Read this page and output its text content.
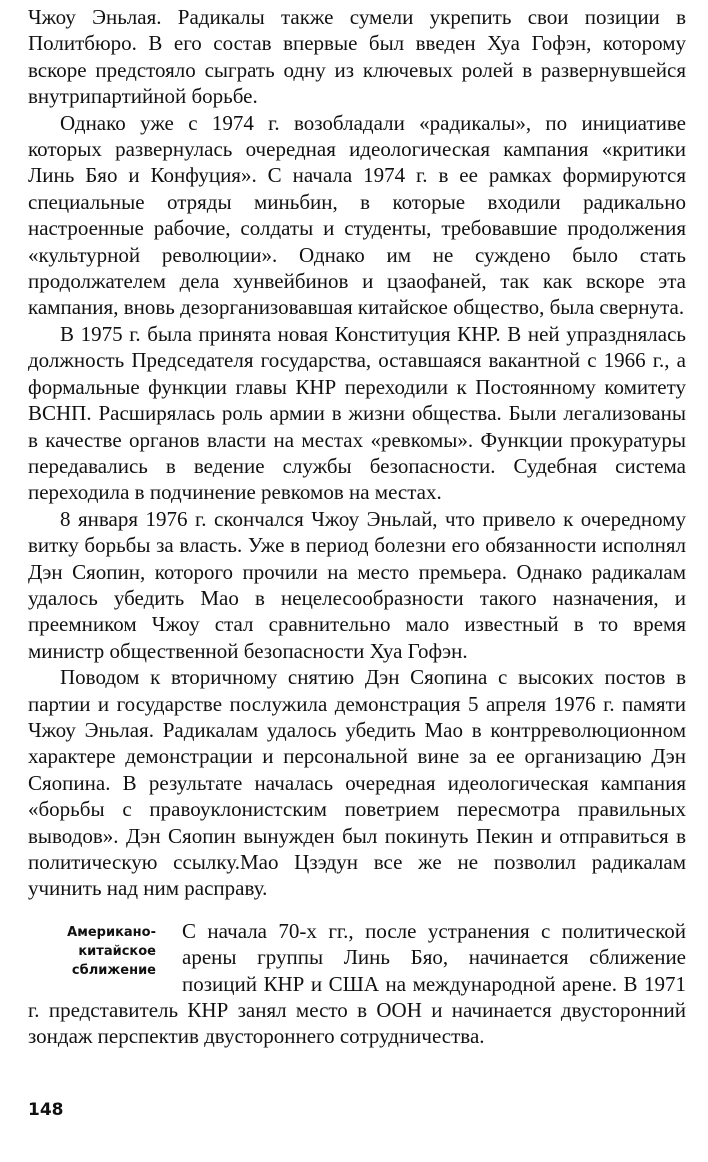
Чжоу Эньлая. Радикалы также сумели укрепить свои позиции в Политбюро. В его состав впервые был введен Хуа Гофэн, которому вскоре предстояло сыграть одну из ключевых ролей в развернувшейся внутрипартийной борьбе.

Однако уже с 1974 г. возобладали «радикалы», по инициативе которых развернулась очередная идеологическая кампания «критики Линь Бяо и Конфуция». С начала 1974 г. в ее рамках формируются специальные отряды миньбин, в которые входили радикально настроенные рабочие, солдаты и студенты, требовавшие продолжения «культурной революции». Однако им не суждено было стать продолжателем дела хунвейбинов и цзаофаней, так как вскоре эта кампания, вновь дезорганизовавшая китайское общество, была свернута.

В 1975 г. была принята новая Конституция КНР. В ней упразднялась должность Председателя государства, оставшаяся вакантной с 1966 г., а формальные функции главы КНР переходили к Постоянному комитету ВСНП. Расширялась роль армии в жизни общества. Были легализованы в качестве органов власти на местах «ревкомы». Функции прокуратуры передавались в ведение службы безопасности. Судебная система переходила в подчинение ревкомов на местах.

8 января 1976 г. скончался Чжоу Эньлай, что привело к очередному витку борьбы за власть. Уже в период болезни его обязанности исполнял Дэн Сяопин, которого прочили на место премьера. Однако радикалам удалось убедить Мао в нецелесообразности такого назначения, и преемником Чжоу стал сравнительно мало известный в то время министр общественной безопасности Хуа Гофэн.

Поводом к вторичному снятию Дэн Сяопина с высоких постов в партии и государстве послужила демонстрация 5 апреля 1976 г. памяти Чжоу Эньлая. Радикалам удалось убедить Мао в контрреволюционном характере демонстрации и персональной вине за ее организацию Дэн Сяопина. В результате началась очередная идеологическая кампания «борьбы с правоуклонистским поветрием пересмотра правильных выводов». Дэн Сяопин вынужден был покинуть Пекин и отправиться в политическую ссылку.Мао Цзэдун все же не позволил радикалам учинить над ним расправу.

Американо-
китайское
сближение

С начала 70-х гг., после устранения с политической арены группы Линь Бяо, начинается сближение позиций КНР и США на международной арене. В 1971 г. представитель КНР занял место в ООН и начинается двусторонний зондаж перспектив двустороннего сотрудничества.

148
